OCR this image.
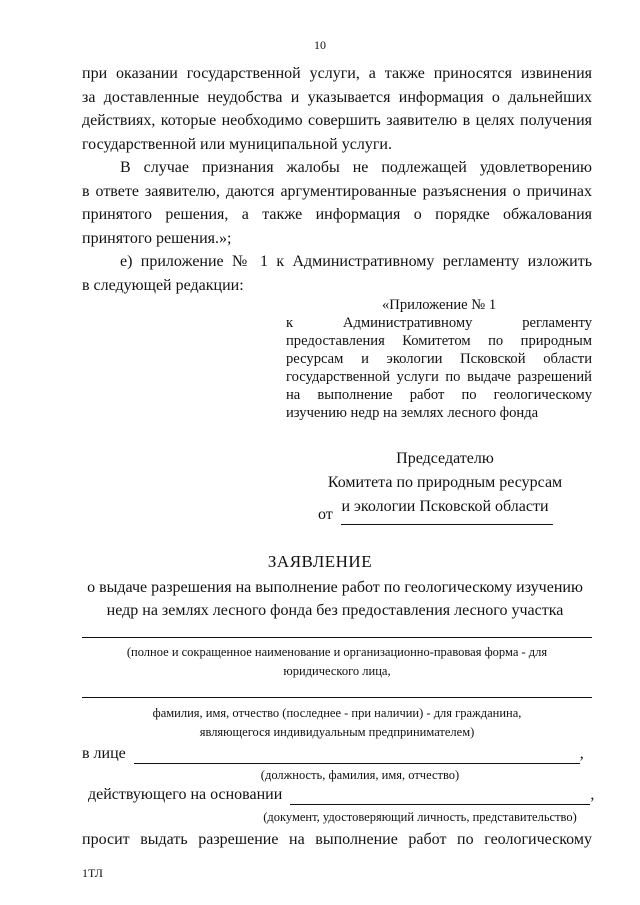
10
при оказании государственной услуги, а также приносятся извинения
за доставленные неудобства и указывается информация о дальнейших
действиях, которые необходимо совершить заявителю в целях получения
государственной или муниципальной услуги.
В случае признания жалобы не подлежащей удовлетворению
в ответе заявителю, даются аргументированные разъяснения о причинах
принятого решения, а также информация о порядке обжалования
принятого решения.»;
е) приложение № 1 к Административному регламенту изложить
в следующей редакции:
«Приложение № 1
к Административному регламенту
предоставления Комитетом по природным
ресурсам и экологии Псковской области
государственной услуги по выдаче разрешений
на выполнение работ по геологическому
изучению недр на землях лесного фонда
Председателю
Комитета по природным ресурсам
и экологии Псковской области
от
ЗАЯВЛЕНИЕ
о выдаче разрешения на выполнение работ по геологическому изучению
недр на землях лесного фонда без предоставления лесного участка
(полное и сокращенное наименование и организационно-правовая форма - для
юридического лица,
фамилия, имя, отчество (последнее - при наличии) - для гражданина,
являющегося индивидуальным предпринимателем)
в лице	,
(должность, фамилия, имя, отчество)
действующего на основании	,
(документ, удостоверяющий личность, представительство)
просит выдать разрешение на выполнение работ по геологическому
1ТЛ
